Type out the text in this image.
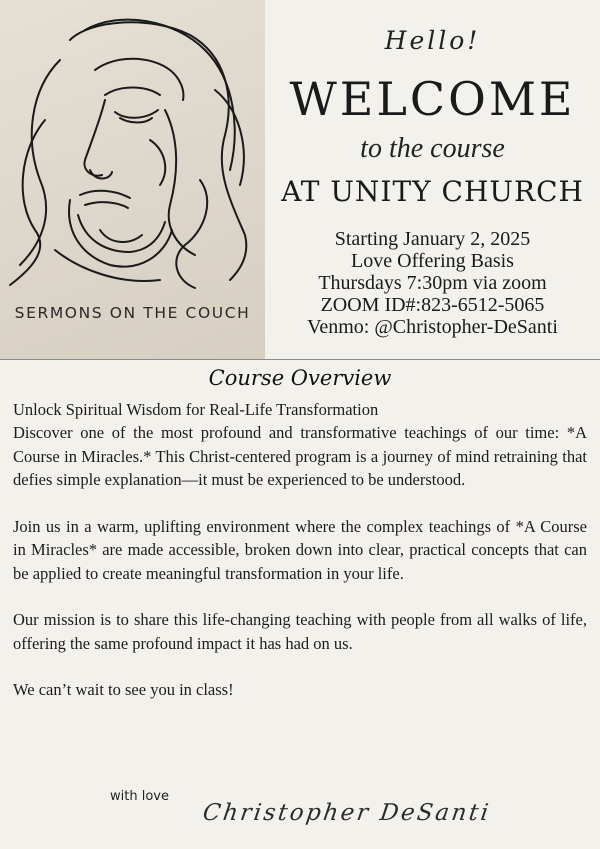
SERMONS ON THE COUCH
Hello!
WELCOME
to the course
AT UNITY CHURCH
Starting January 2, 2025
Love Offering Basis
Thursdays 7:30pm via zoom
ZOOM ID#:823-6512-5065
Venmo: @Christopher-DeSanti
Course Overview
Unlock Spiritual Wisdom for Real-Life Transformation

Discover one of the most profound and transformative teachings of our time: *A Course in Miracles.* This Christ-centered program is a journey of mind retraining that defies simple explanation—it must be experienced to be understood.

Join us in a warm, uplifting environment where the complex teachings of *A Course in Miracles* are made accessible, broken down into clear, practical concepts that can be applied to create meaningful transformation in your life.

Our mission is to share this life-changing teaching with people from all walks of life, offering the same profound impact it has had on us.

We can’t wait to see you in class!
with love
Christopher DeSanti
